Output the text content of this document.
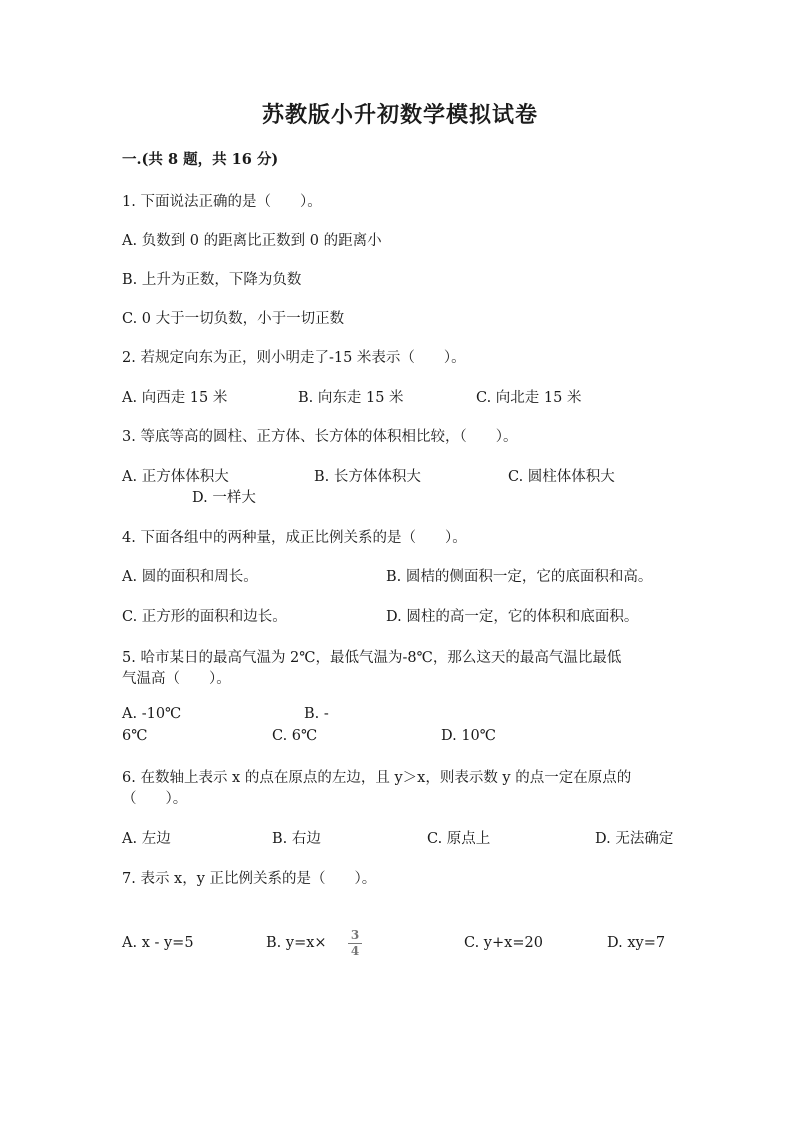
苏教版小升初数学模拟试卷
一.(共 8 题，共 16 分)
1. 下面说法正确的是（　　）。
A. 负数到 0 的距离比正数到 0 的距离小
B. 上升为正数，下降为负数
C. 0 大于一切负数，小于一切正数
2. 若规定向东为正，则小明走了-15 米表示（　　）。
A. 向西走 15 米	B. 向东走 15 米	C. 向北走 15 米
3. 等底等高的圆柱、正方体、长方体的体积相比较，（　　）。
A. 正方体体积大	B. 长方体体积大	C. 圆柱体体积大
D. 一样大
4. 下面各组中的两种量，成正比例关系的是（　　）。
A. 圆的面积和周长。	B. 圆桔的侧面积一定，它的底面积和高。
C. 正方形的面积和边长。	D. 圆柱的高一定，它的体积和底面积。
5. 哈市某日的最高气温为 2℃，最低气温为-8℃，那么这天的最高气温比最低
气温高（　　）。
A. -10℃	B. -
6℃	C. 6℃	D. 10℃
6. 在数轴上表示 x 的点在原点的左边，且 y＞x，则表示数 y 的点一定在原点的
（　　）。
A. 左边	B. 右边	C. 原点上	D. 无法确定
7. 表示 x，y 正比例关系的是（　　）。
A. x - y=5	B. y=x×	3
4	C. y+x=20	D. xy=7
